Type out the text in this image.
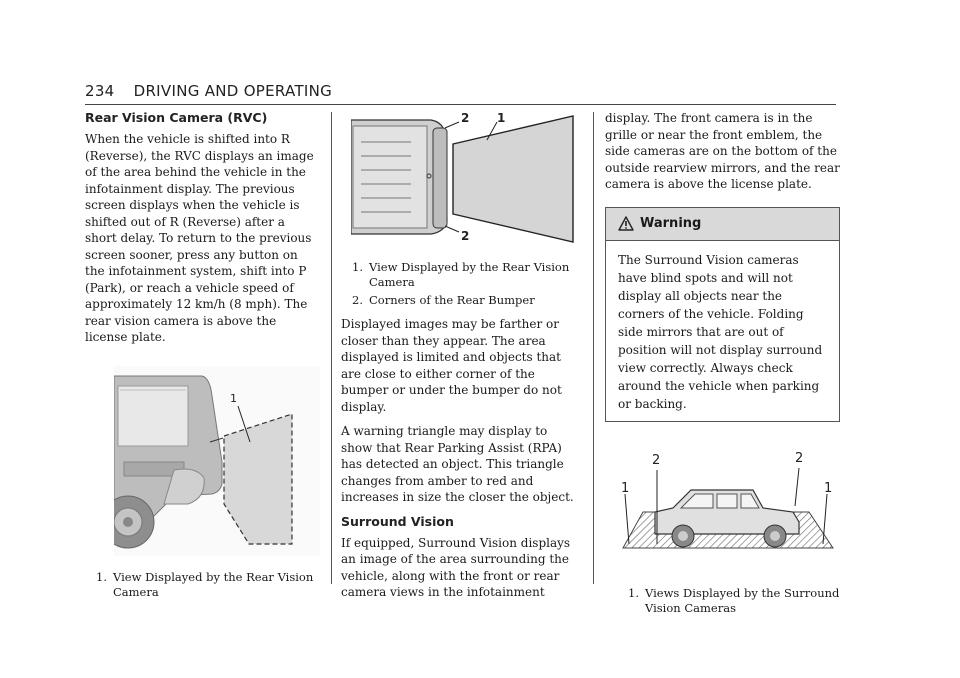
234 DRIVING AND OPERATING
Rear Vision Camera (RVC)

When the vehicle is shifted into R (Reverse), the RVC displays an image of the area behind the vehicle in the infotainment display. The previous screen displays when the vehicle is shifted out of R (Reverse) after a short delay. To return to the previous screen sooner, press any button on the infotainment system, shift into P (Park), or reach a vehicle speed of approximately 12 km/h (8 mph). The rear vision camera is above the license plate.

1
1. View Displayed by the Rear Vision Camera
2 1
2
1. View Displayed by the Rear Vision Camera
2. Corners of the Rear Bumper

Displayed images may be farther or closer than they appear. The area displayed is limited and objects that are close to either corner of the bumper or under the bumper do not display.

A warning triangle may display to show that Rear Parking Assist (RPA) has detected an object. This triangle changes from amber to red and increases in size the closer the object.

Surround Vision

If equipped, Surround Vision displays an image of the area surrounding the vehicle, along with the front or rear camera views in the infotainment

display. The front camera is in the grille or near the front emblem, the side cameras are on the bottom of the outside rearview mirrors, and the rear camera is above the license plate.

Warning
The Surround Vision cameras have blind spots and will not display all objects near the corners of the vehicle. Folding side mirrors that are out of position will not display surround view correctly. Always check around the vehicle when parking or backing.
1
2	2
1
1. Views Displayed by the Surround Vision Cameras
